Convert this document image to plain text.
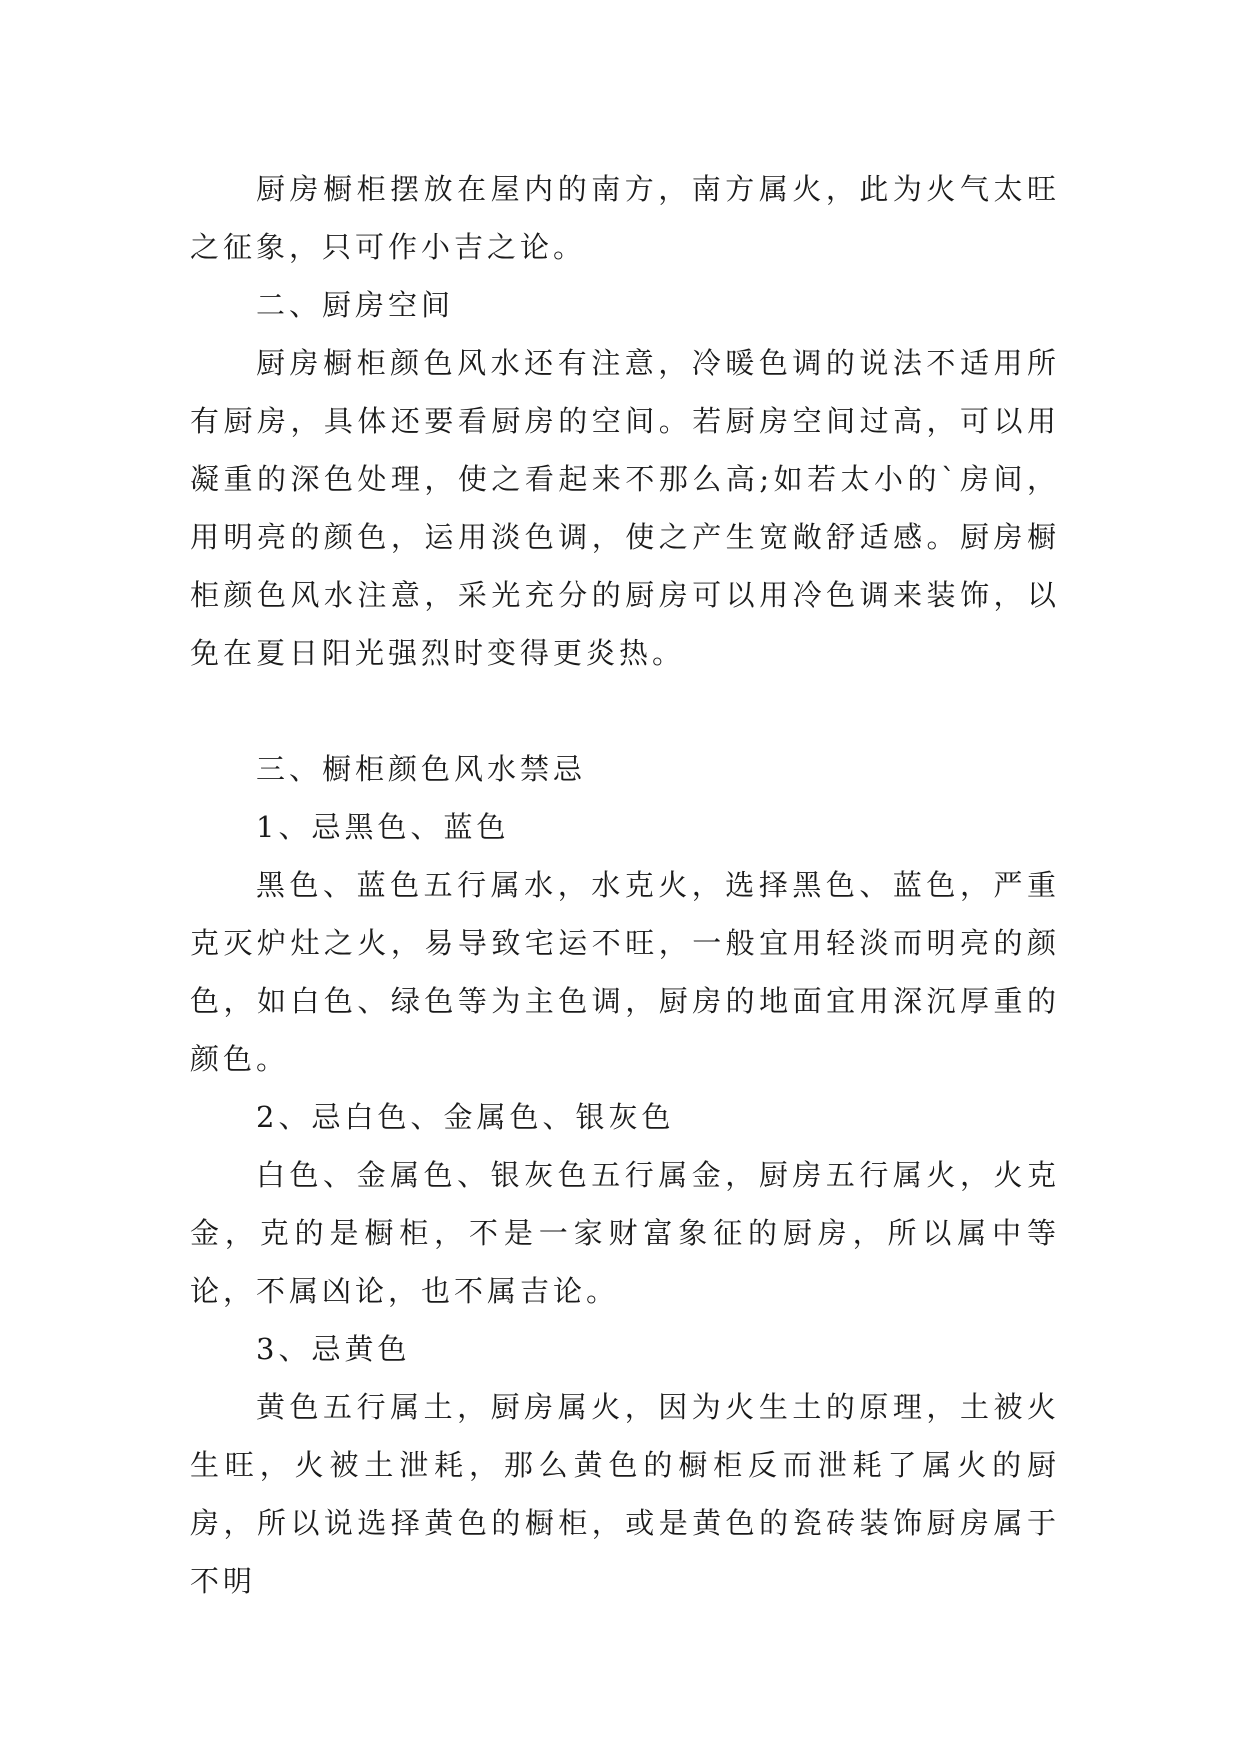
厨房橱柜摆放在屋内的南方，南方属火，此为火气太旺之征象，只可作小吉之论。

二、厨房空间

厨房橱柜颜色风水还有注意，冷暖色调的说法不适用所有厨房，具体还要看厨房的空间。若厨房空间过高，可以用凝重的深色处理，使之看起来不那么高;如若太小的`房间，用明亮的颜色，运用淡色调，使之产生宽敞舒适感。厨房橱柜颜色风水注意，采光充分的厨房可以用冷色调来装饰，以免在夏日阳光强烈时变得更炎热。

三、橱柜颜色风水禁忌

1、忌黑色、蓝色

黑色、蓝色五行属水，水克火，选择黑色、蓝色，严重克灭炉灶之火，易导致宅运不旺，一般宜用轻淡而明亮的颜色，如白色、绿色等为主色调，厨房的地面宜用深沉厚重的颜色。

2、忌白色、金属色、银灰色

白色、金属色、银灰色五行属金，厨房五行属火，火克金，克的是橱柜，不是一家财富象征的厨房，所以属中等论，不属凶论，也不属吉论。

3、忌黄色

黄色五行属土，厨房属火，因为火生土的原理，土被火生旺，火被土泄耗，那么黄色的橱柜反而泄耗了属火的厨房，所以说选择黄色的橱柜，或是黄色的瓷砖装饰厨房属于不明
